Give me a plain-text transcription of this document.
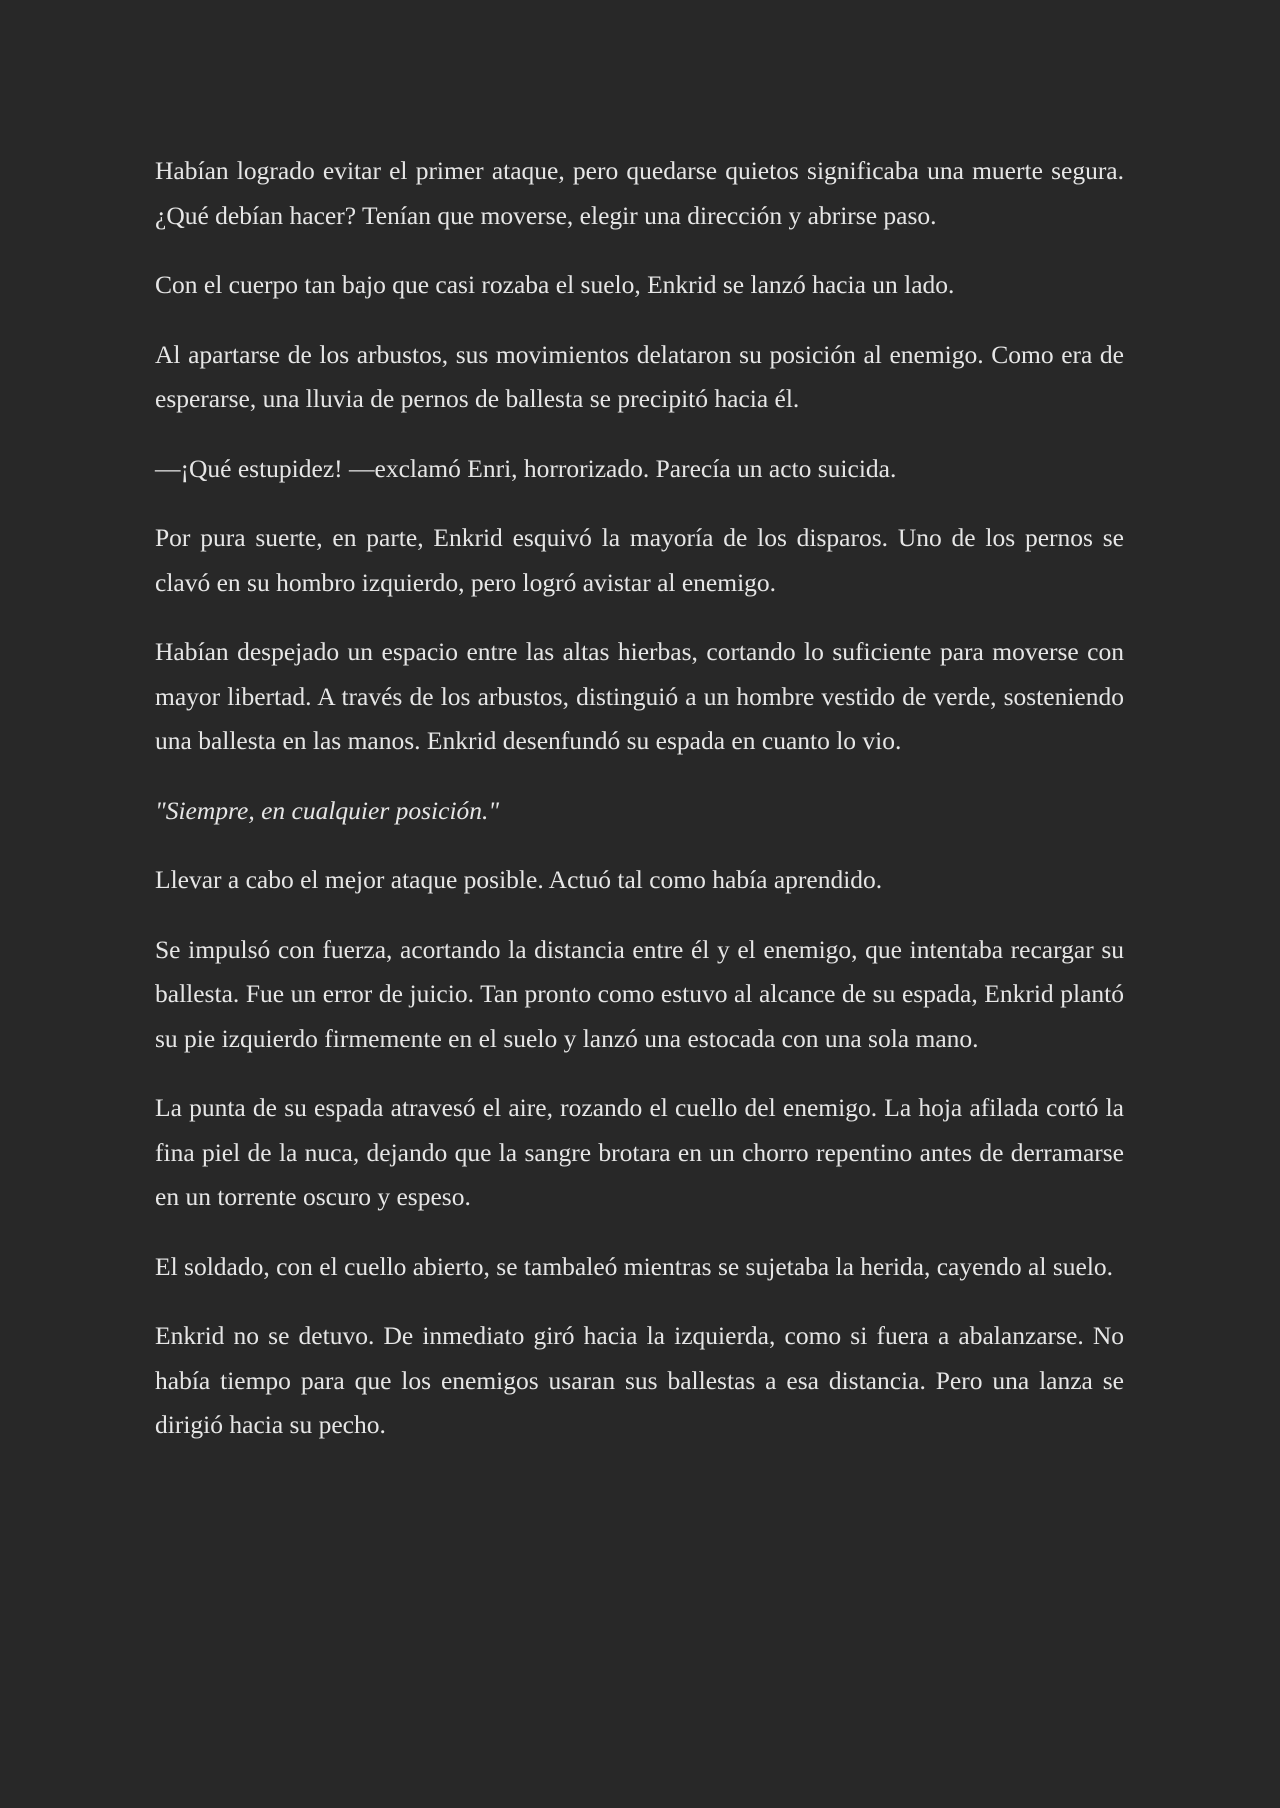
Habían logrado evitar el primer ataque, pero quedarse quietos significaba una muerte segura. ¿Qué debían hacer? Tenían que moverse, elegir una dirección y abrirse paso.

Con el cuerpo tan bajo que casi rozaba el suelo, Enkrid se lanzó hacia un lado.

Al apartarse de los arbustos, sus movimientos delataron su posición al enemigo. Como era de esperarse, una lluvia de pernos de ballesta se precipitó hacia él.

—¡Qué estupidez! —exclamó Enri, horrorizado. Parecía un acto suicida.

Por pura suerte, en parte, Enkrid esquivó la mayoría de los disparos. Uno de los pernos se clavó en su hombro izquierdo, pero logró avistar al enemigo.

Habían despejado un espacio entre las altas hierbas, cortando lo suficiente para moverse con mayor libertad. A través de los arbustos, distinguió a un hombre vestido de verde, sosteniendo una ballesta en las manos. Enkrid desenfundó su espada en cuanto lo vio.

"Siempre, en cualquier posición."

Llevar a cabo el mejor ataque posible. Actuó tal como había aprendido.

Se impulsó con fuerza, acortando la distancia entre él y el enemigo, que intentaba recargar su ballesta. Fue un error de juicio. Tan pronto como estuvo al alcance de su espada, Enkrid plantó su pie izquierdo firmemente en el suelo y lanzó una estocada con una sola mano.

La punta de su espada atravesó el aire, rozando el cuello del enemigo. La hoja afilada cortó la fina piel de la nuca, dejando que la sangre brotara en un chorro repentino antes de derramarse en un torrente oscuro y espeso.

El soldado, con el cuello abierto, se tambaleó mientras se sujetaba la herida, cayendo al suelo.

Enkrid no se detuvo. De inmediato giró hacia la izquierda, como si fuera a abalanzarse. No había tiempo para que los enemigos usaran sus ballestas a esa distancia. Pero una lanza se dirigió hacia su pecho.
